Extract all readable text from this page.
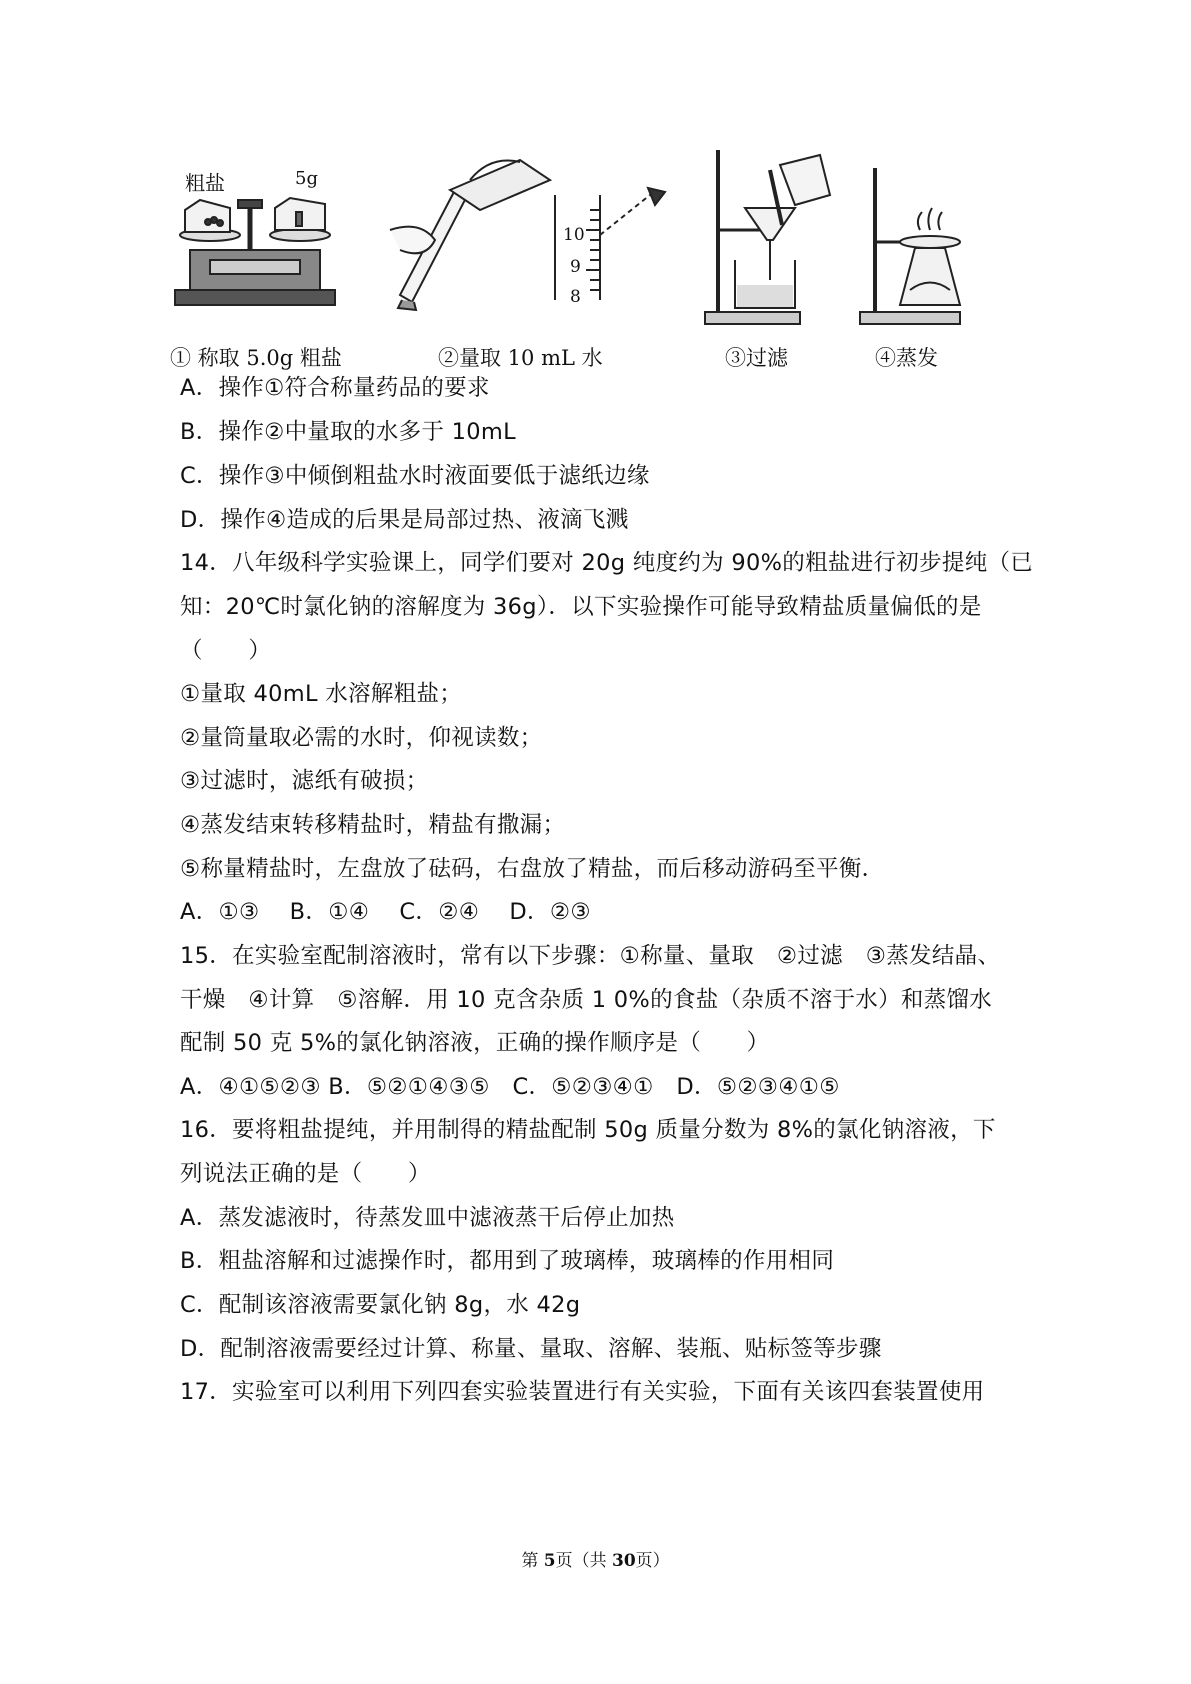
粗盐	5g
10
9
8
① 称取 5.0g 粗盐	②量取 10 mL 水	③过滤	④蒸发
A．操作①符合称量药品的要求
B．操作②中量取的水多于 10mL
C．操作③中倾倒粗盐水时液面要低于滤纸边缘
D．操作④造成的后果是局部过热、液滴飞溅
14．八年级科学实验课上，同学们要对 20g 纯度约为 90%的粗盐进行初步提纯（已
知：20℃时氯化钠的溶解度为 36g）．以下实验操作可能导致精盐质量偏低的是
（　　）
①量取 40mL 水溶解粗盐；
②量筒量取必需的水时，仰视读数；
③过滤时，滤纸有破损；
④蒸发结束转移精盐时，精盐有撒漏；
⑤称量精盐时，左盘放了砝码，右盘放了精盐，而后移动游码至平衡．
A．①③　 B．①④　 C．②④　 D．②③
15．在实验室配制溶液时，常有以下步骤：①称量、量取　②过滤　③蒸发结晶、
干燥　④计算　⑤溶解．用 10 克含杂质 1 0%的食盐（杂质不溶于水）和蒸馏水
配制 50 克 5%的氯化钠溶液，正确的操作顺序是（　　）
A．④①⑤②③ B．⑤②①④③⑤　C．⑤②③④①　D．⑤②③④①⑤
16．要将粗盐提纯，并用制得的精盐配制 50g 质量分数为 8%的氯化钠溶液，下
列说法正确的是（　　）
A．蒸发滤液时，待蒸发皿中滤液蒸干后停止加热
B．粗盐溶解和过滤操作时，都用到了玻璃棒，玻璃棒的作用相同
C．配制该溶液需要氯化钠 8g，水 42g
D．配制溶液需要经过计算、称量、量取、溶解、装瓶、贴标签等步骤
17．实验室可以利用下列四套实验装置进行有关实验，下面有关该四套装置使用
第 5页（共 30页）
